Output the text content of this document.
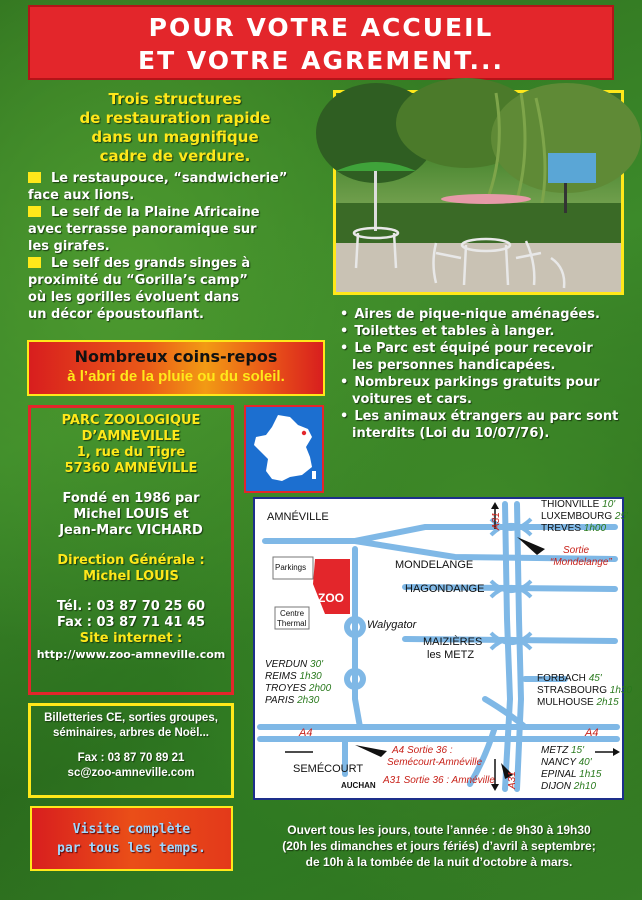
POUR VOTRE ACCUEIL
ET VOTRE AGREMENT...
Trois structures
de restauration rapide
dans un magnifique
cadre de verdure.
Le restaupouce, “sandwicherie”
face aux lions.
Le self de la Plaine Africaine
avec terrasse panoramique sur
les girafes.
Le self des grands singes à
proximité du “Gorilla’s camp”
où les gorilles évoluent dans
un décor époustouflant.	• Aires de pique-nique aménagées.
• Toilettes et tables à langer.
• Le Parc est équipé pour recevoir
les personnes handicapées.
• Nombreux parkings gratuits pour
voitures et cars.
• Les animaux étrangers au parc sont
interdits (Loi du 10/07/76).
Nombreux coins-repos
à l’abri de la pluie ou du soleil.
PARC ZOOLOGIQUE
D’AMNEVILLE
1, rue du Tigre
57360 AMNÉVILLE
Fondé en 1986 par
Michel LOUIS et
Jean-Marc VICHARD
Direction Générale :
Michel LOUIS
Tél. : 03 87 70 25 60
Fax : 03 87 71 41 45
Site internet :
http://www.zoo-amneville.com
AMNÉVILLE
Parkings
ZOO
Centre
Thermal
MONDELANGE
HAGONDANGE
MAIZIÈRES
les METZ
Walygator
SEMÉCOURT
AUCHAN
A31
A31
A4	A4
Sortie
“Mondelange”
A4 Sortie 36 :
Semécourt-Amnéville
A31 Sortie 36 : Amnéville
THIONVILLE 10'
LUXEMBOURG 25'
TREVES 1h00
VERDUN 30'
REIMS 1h30
TROYES 2h00
PARIS 2h30
FORBACH 45'
STRASBOURG 1h30
MULHOUSE 2h15
METZ 15'
NANCY 40'
EPINAL 1h15
DIJON 2h10
Billetteries CE, sorties groupes,
séminaires, arbres de Noël...
Fax : 03 87 70 89 21
sc@zoo-amneville.com
Visite complète
par tous les temps.
Ouvert tous les jours, toute l’année : de 9h30 à 19h30
(20h les dimanches et jours fériés) d’avril à septembre;
de 10h à la tombée de la nuit d’octobre à mars.
